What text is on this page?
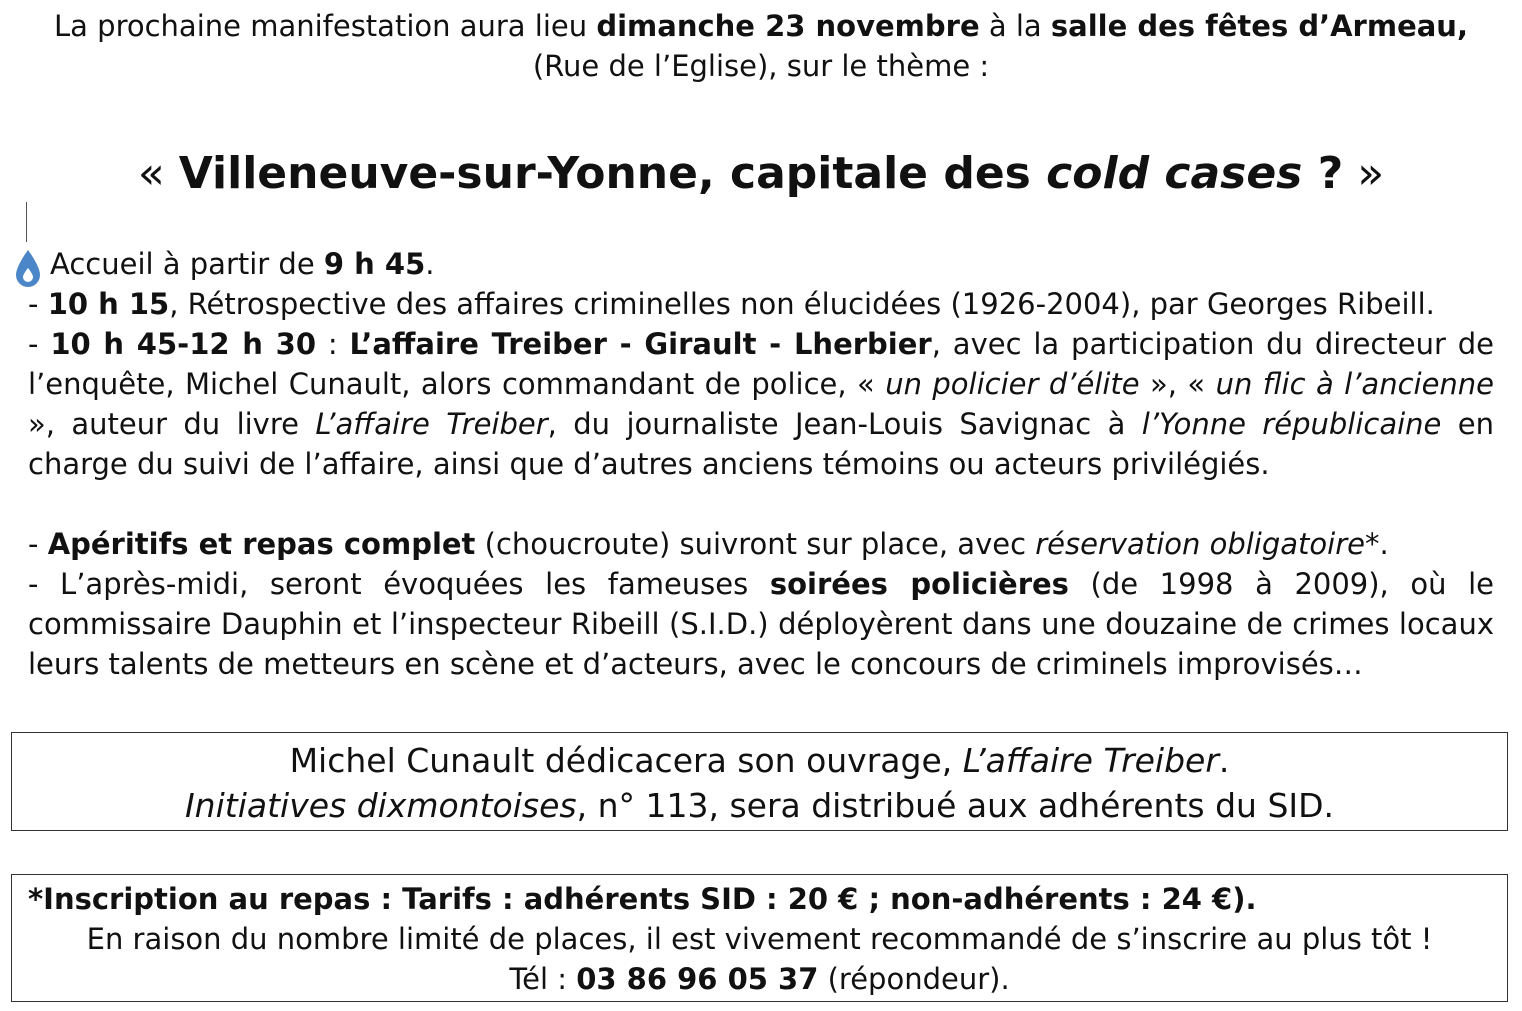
La prochaine manifestation aura lieu dimanche 23 novembre à la salle des fêtes d’Armeau,
(Rue de l’Eglise), sur le thème :
« Villeneuve-sur-Yonne, capitale des cold cases ? »

Accueil à partir de 9 h 45.

- 10 h 15, Rétrospective des affaires criminelles non élucidées (1926-2004), par Georges Ribeill.

- 10 h 45-12 h 30 : L’affaire Treiber - Girault - Lherbier, avec la participation du directeur de l’enquête, Michel Cunault, alors commandant de police, « un policier d’élite », « un flic à l’ancienne », auteur du livre L’affaire Treiber, du journaliste Jean-Louis Savignac à l’Yonne républicaine en charge du suivi de l’affaire, ainsi que d’autres anciens témoins ou acteurs privilégiés.

- Apéritifs et repas complet (choucroute) suivront sur place, avec réservation obligatoire*.

- L’après-midi, seront évoquées les fameuses soirées policières (de 1998 à 2009), où le commissaire Dauphin et l’inspecteur Ribeill (S.I.D.) déployèrent dans une douzaine de crimes locaux leurs talents de metteurs en scène et d’acteurs, avec le concours de criminels improvisés…

Michel Cunault dédicacera son ouvrage, L’affaire Treiber.
Initiatives dixmontoises, n° 113, sera distribué aux adhérents du SID.
*Inscription au repas : Tarifs : adhérents SID : 20 € ; non-adhérents : 24 €).
En raison du nombre limité de places, il est vivement recommandé de s’inscrire au plus tôt !
Tél : 03 86 96 05 37 (répondeur).
